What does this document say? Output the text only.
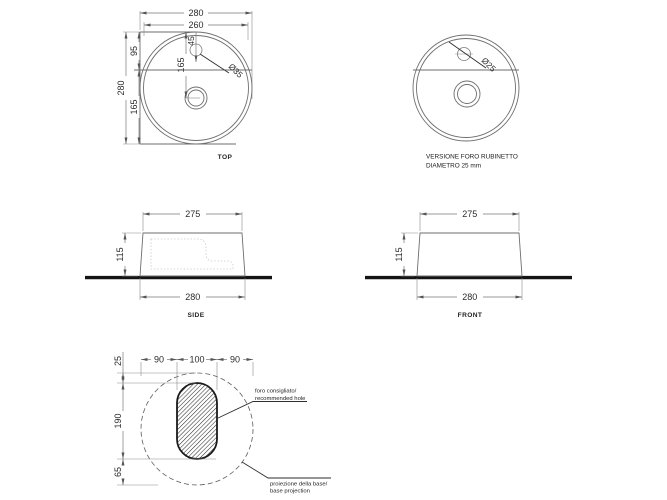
45
Ø35
280
260
280
95
165
165
TOP
Ø25
VERSIONE FORO RUBINETTO
DIAMETRO 25 mm
275
115
280
SIDE
275
115
280
FRONT
90	100	90
25
190
65
foro consigliato/
recommended hole
proiezione della base/
base projection
